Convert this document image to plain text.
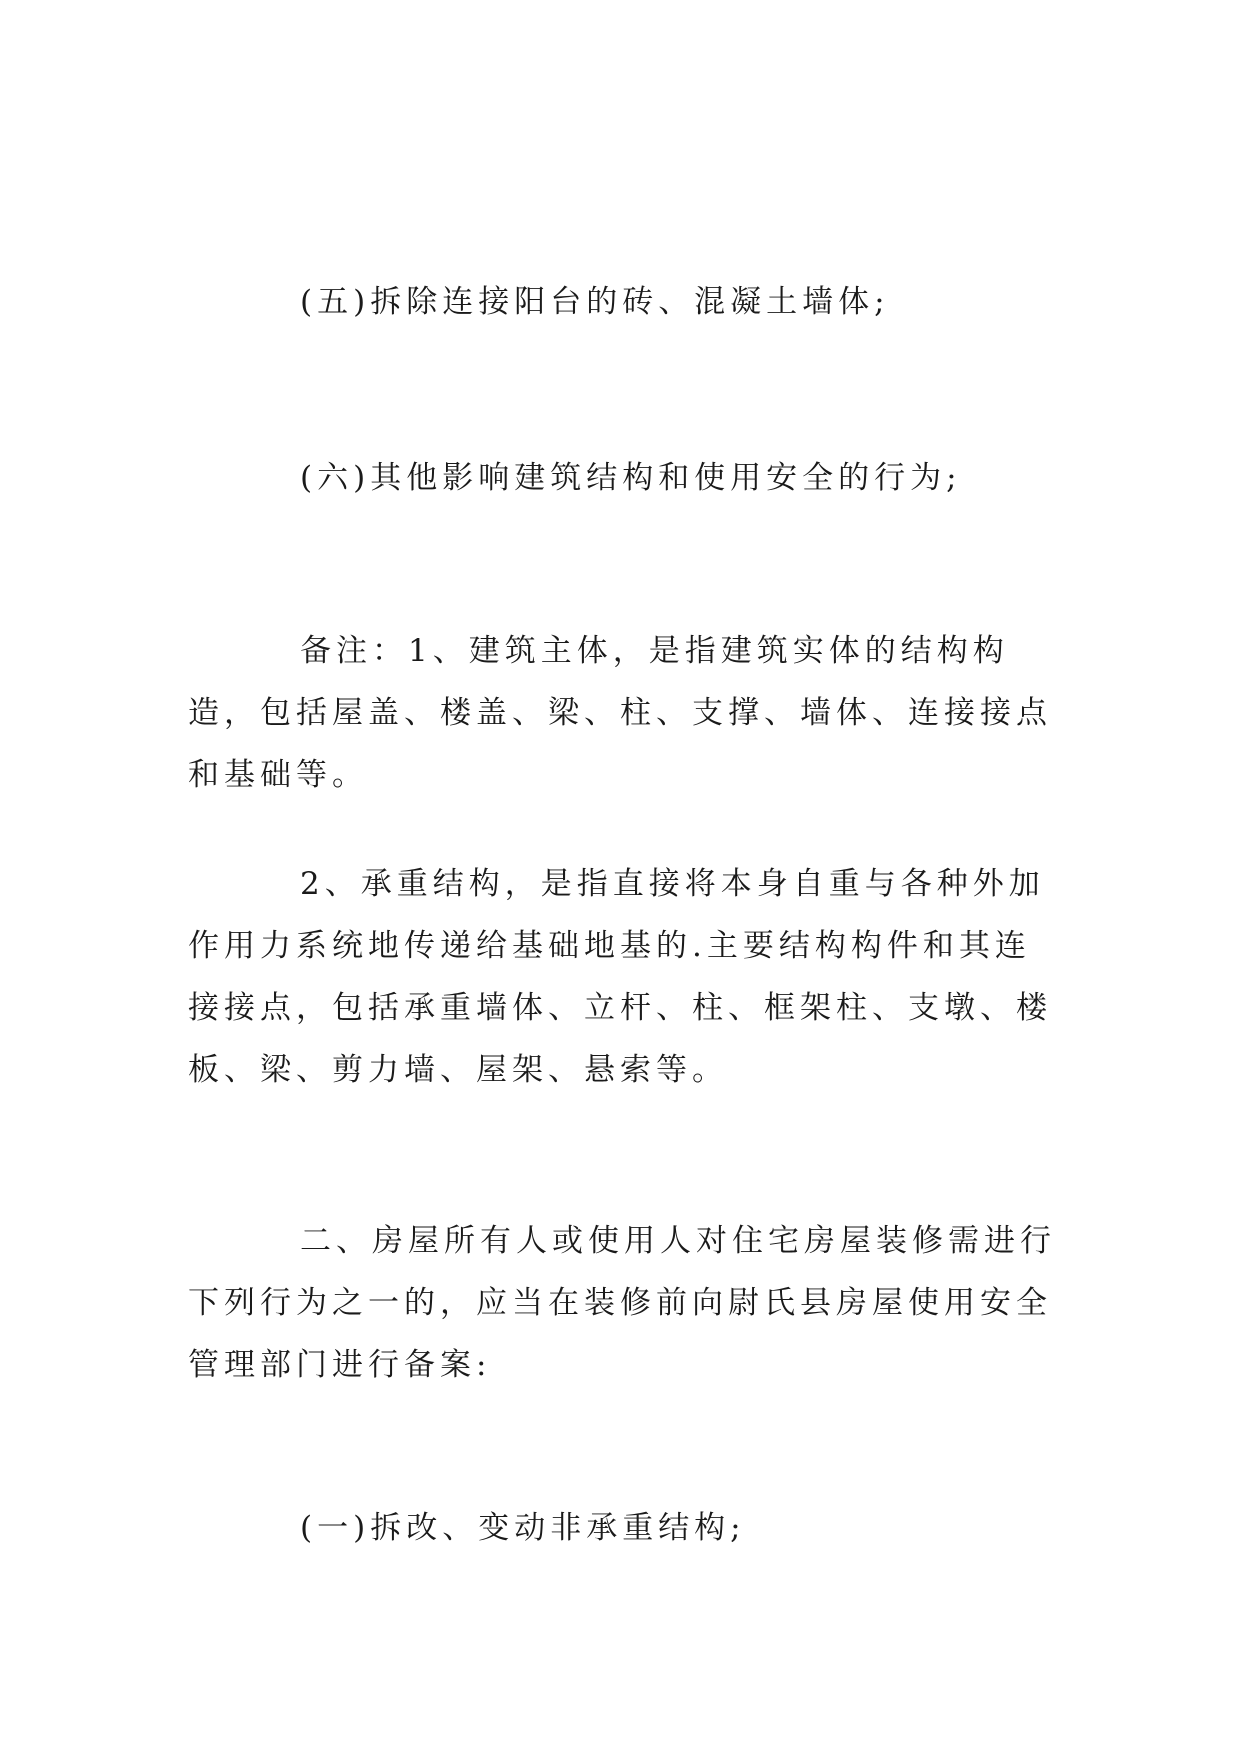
(五)拆除连接阳台的砖、混凝土墙体;

(六)其他影响建筑结构和使用安全的行为;

备注：1、建筑主体，是指建筑实体的结构构造，包括屋盖、楼盖、梁、柱、支撑、墙体、连接接点和基础等。

2、承重结构，是指直接将本身自重与各种外加作用力系统地传递给基础地基的.主要结构构件和其连接接点，包括承重墙体、立杆、柱、框架柱、支墩、楼板、梁、剪力墙、屋架、悬索等。

二、房屋所有人或使用人对住宅房屋装修需进行下列行为之一的，应当在装修前向尉氏县房屋使用安全管理部门进行备案:

(一)拆改、变动非承重结构;
